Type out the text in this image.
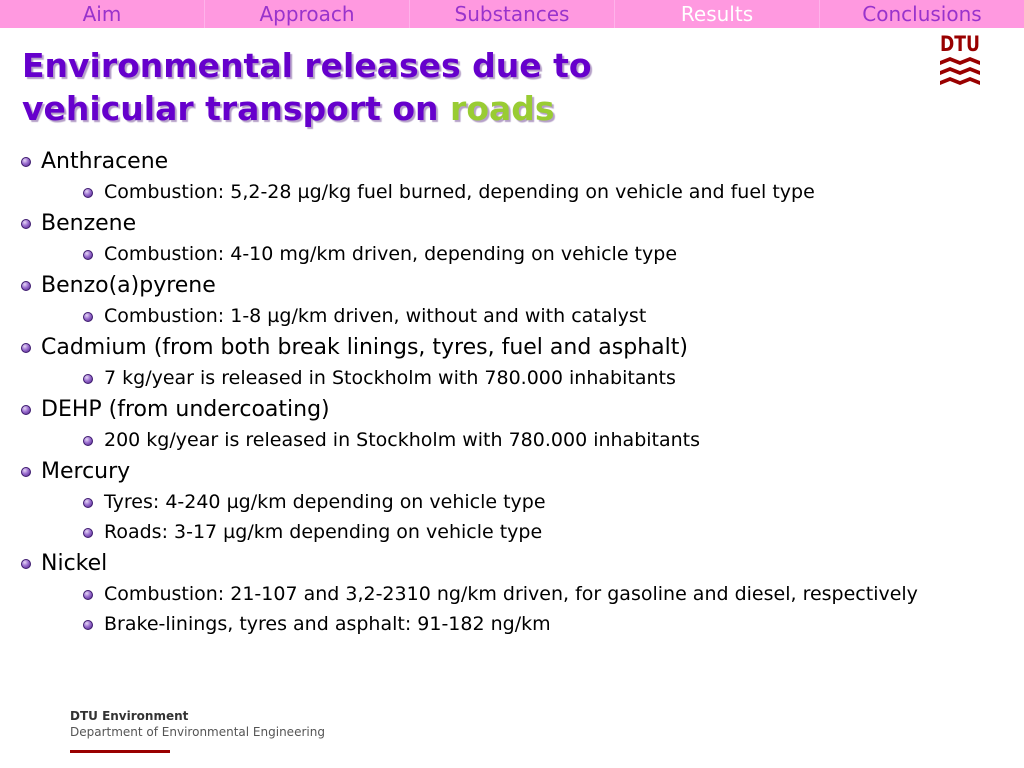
Aim	Approach	Substances	Results	Conclusions
Environmental releases due to
vehicular transport on roads
DTU
Anthracene
Combustion: 5,2-28 µg/kg fuel burned, depending on vehicle and fuel type
Benzene
Combustion: 4-10 mg/km driven, depending on vehicle type
Benzo(a)pyrene
Combustion: 1-8 µg/km driven, without and with catalyst
Cadmium (from both break linings, tyres, fuel and asphalt)
7 kg/year is released in Stockholm with 780.000 inhabitants
DEHP (from undercoating)
200 kg/year is released in Stockholm with 780.000 inhabitants
Mercury
Tyres: 4-240 µg/km depending on vehicle type
Roads: 3-17 µg/km depending on vehicle type
Nickel
Combustion: 21-107 and 3,2-2310 ng/km driven, for gasoline and diesel, respectively
Brake-linings, tyres and asphalt: 91-182 ng/km
DTU Environment
Department of Environmental Engineering
